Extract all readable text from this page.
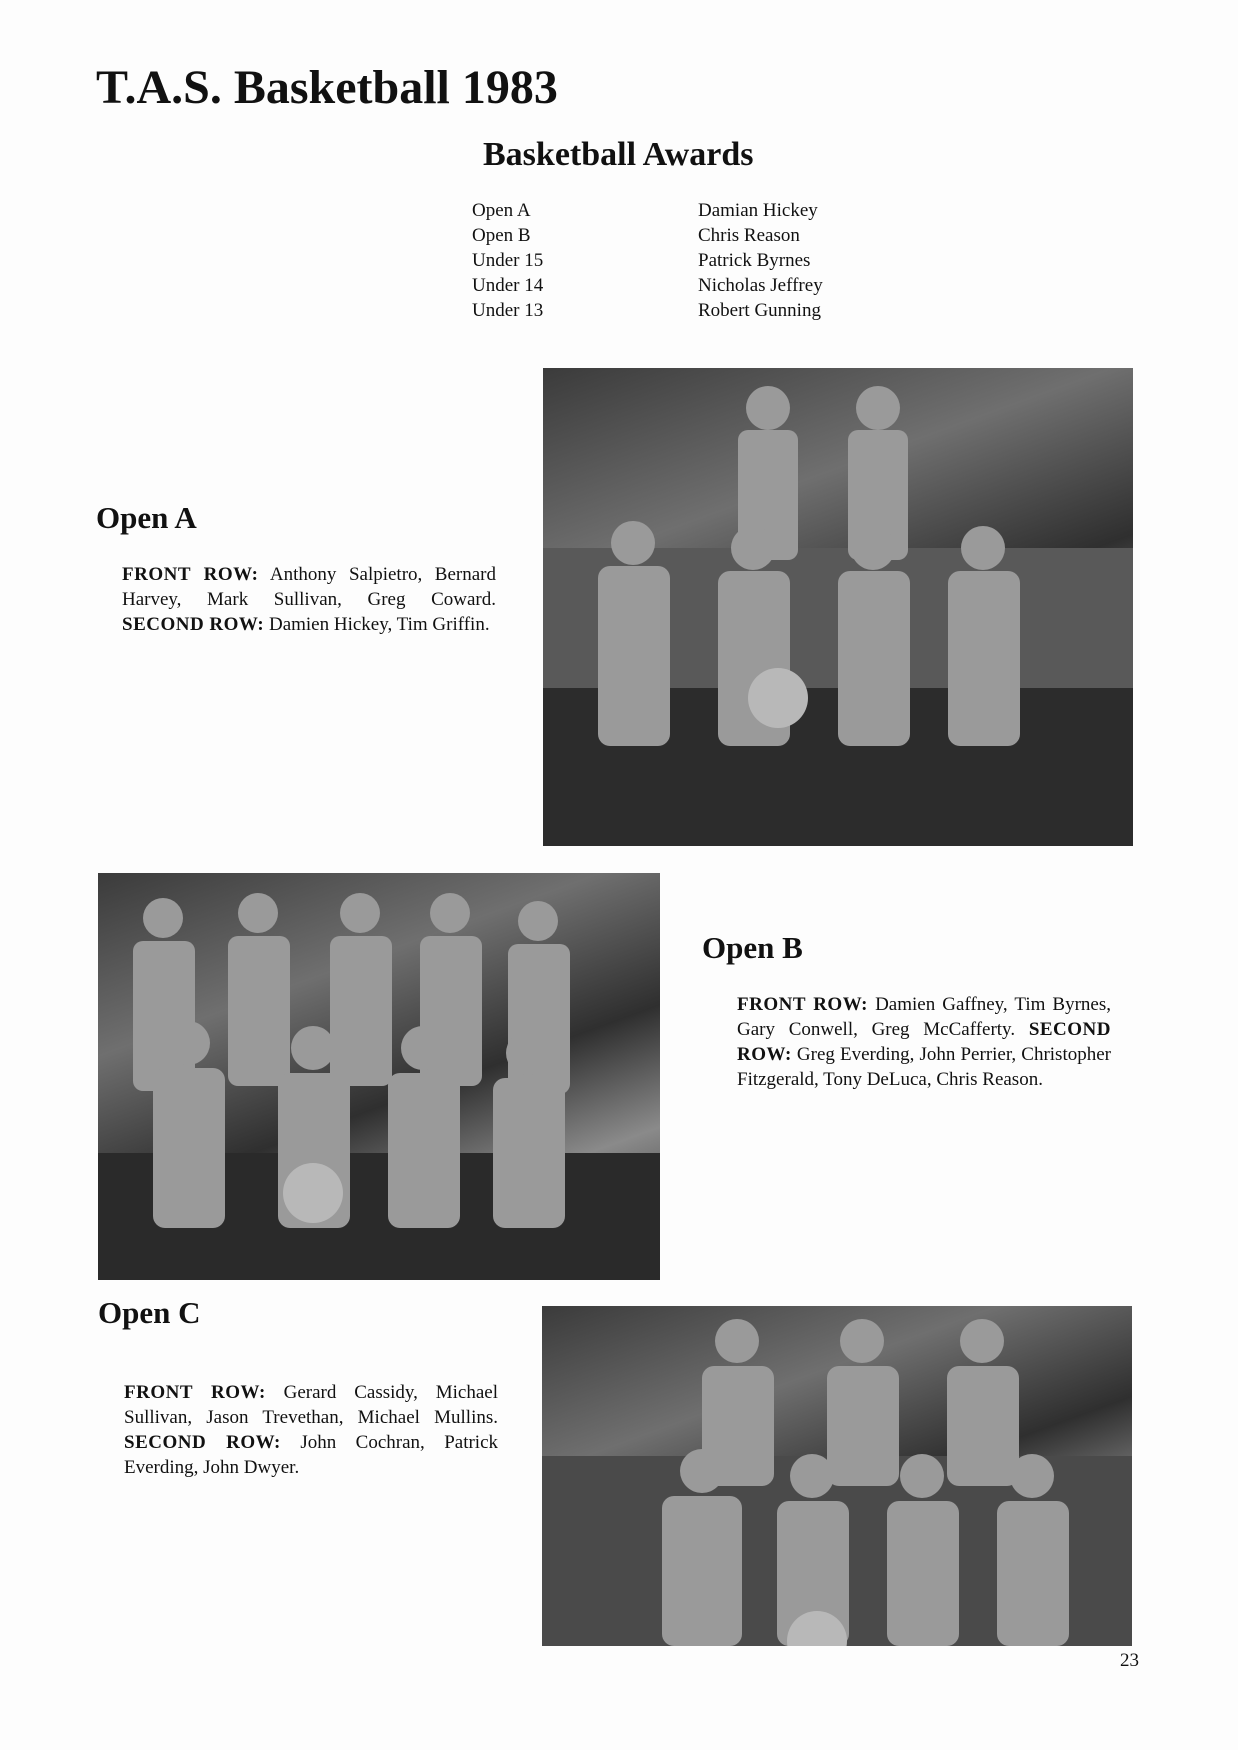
T.A.S. Basketball 1983
Basketball Awards
Open A	Damian Hickey
Open B	Chris Reason
Under 15	Patrick Byrnes
Under 14	Nicholas Jeffrey
Under 13	Robert Gunning
Open A

FRONT ROW: Anthony Salpietro, Bernard Harvey, Mark Sullivan, Greg Coward. SECOND ROW: Damien Hickey, Tim Griffin.

Open B

FRONT ROW: Damien Gaffney, Tim Byrnes, Gary Conwell, Greg McCafferty. SECOND ROW: Greg Everding, John Perrier, Christopher Fitzgerald, Tony DeLuca, Chris Reason.

Open C

FRONT ROW: Gerard Cassidy, Michael Sullivan, Jason Trevethan, Michael Mullins. SECOND ROW: John Cochran, Patrick Everding, John Dwyer.

23
